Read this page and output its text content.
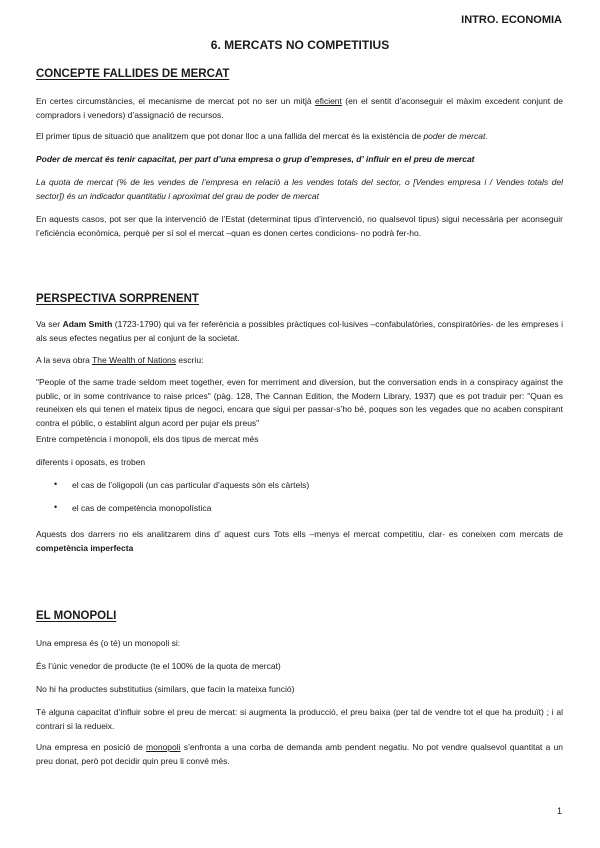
INTRO. ECONOMIA
6. MERCATS NO COMPETITIUS
CONCEPTE FALLIDES DE MERCAT
En certes circumstàncies, el mecanisme de mercat pot no ser un mitjà eficient (en el sentit d’aconseguir el màxim excedent conjunt de compradors i venedors) d’assignació de recursos.
El primer tipus de situació que analitzem que pot donar lloc a una fallida del mercat és la existència de poder de mercat.
Poder de mercat és tenir capacitat, per part d’una empresa o grup d’empreses, d’ influir en el preu de mercat
La quota de mercat (% de les vendes de l’empresa en relació a les vendes totals del sector, o [Vendes empresa i / Vendes totals del sector]) és un indicador quantitatiu i aproximat del grau de poder de mercat
En aquests casos, pot ser que la intervenció de l’Estat (determinat tipus d’intervenció, no qualsevol tipus) sigui necessària per aconseguir l’eficiència econòmica, perquè per sí sol el mercat –quan es donen certes condicions- no podrà fer-ho.
PERSPECTIVA SORPRENENT
Va ser Adam Smith (1723-1790) qui va fer referència a possibles pràctiques col·lusives –confabulatòries, conspiratòries- de les empreses i als seus efectes negatius per al conjunt de la societat.
A la seva obra The Wealth of Nations escriu:
"People of the same trade seldom meet together, even for merriment and diversion, but the conversation ends in a conspiracy against the public, or in some contrivance to raise prices" (pàg. 128, The Cannan Edition, the Modern Library, 1937) que es pot traduir per: "Quan es reuneixen els qui tenen el mateix tipus de negoci, encara que sigui per passar-s’ho bé, poques son les vegades que no acaben conspirant contra el públic, o establint algun acord per pujar els preus"
Entre competència i monopoli, els dos tipus de mercat més
diferents i oposats, es troben
• el cas de l’oligopoli (un cas particular d’aquests són els càrtels)
• el cas de competència monopolística
Aquests dos darrers no els analitzarem dins d’ aquest curs Tots ells –menys el mercat competitiu, clar- es coneixen com mercats de competència imperfecta
EL MONOPOLI
Una empresa és (o té) un monopoli si:
És l’únic venedor de producte (te el 100% de la quota de mercat)
No hi ha productes substitutius (similars, que facin la mateixa funció)
Té alguna capacitat d’influir sobre el preu de mercat: si augmenta la producció, el preu baixa (per tal de vendre tot el que ha produït) ; i al contrari si la redueix.
Una empresa en posició de monopoli s’enfronta a una corba de demanda amb pendent negatiu. No pot vendre qualsevol quantitat a un preu donat, però pot decidir quin preu li convé més.
1
